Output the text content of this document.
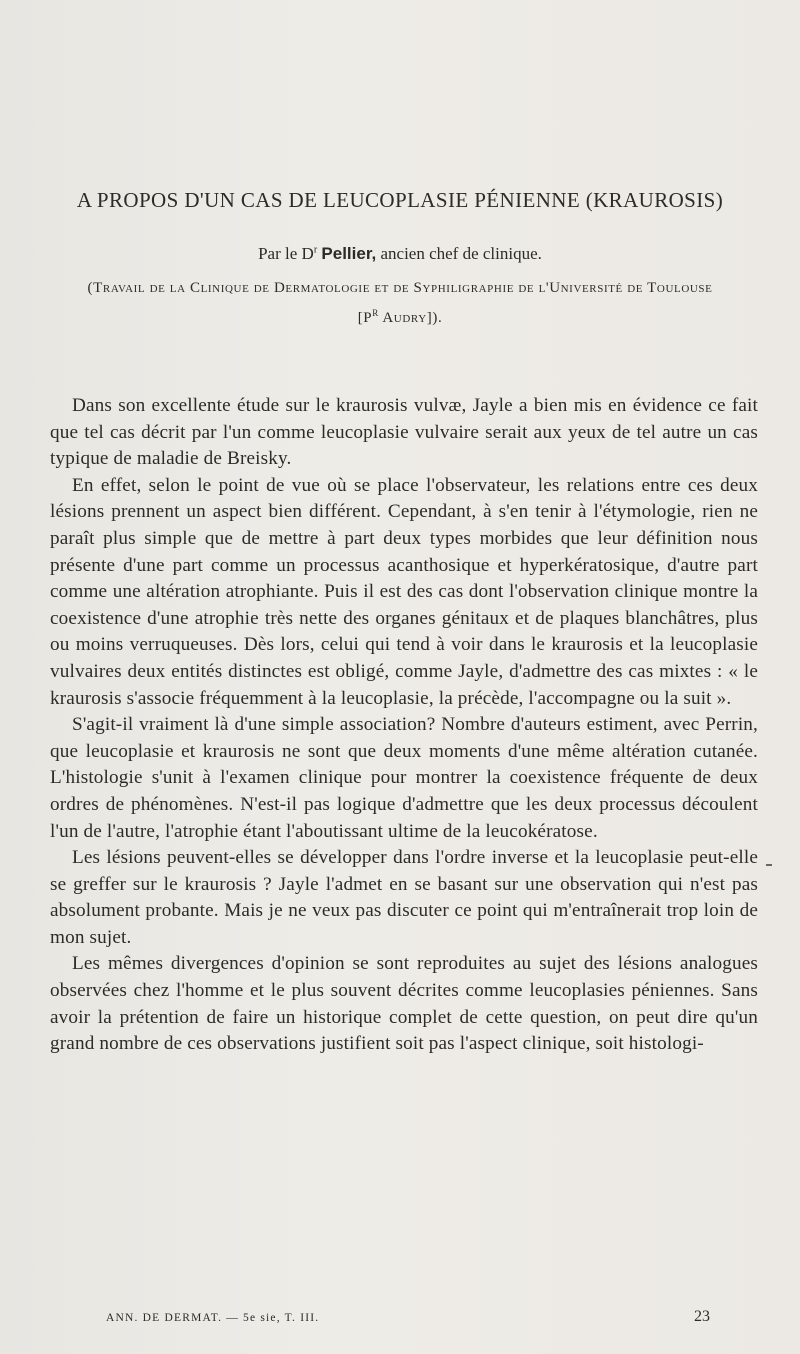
A PROPOS D'UN CAS DE LEUCOPLASIE PÉNIENNE (KRAUROSIS)
Par le $D^r$ Pellier, ancien chef de clinique.
(Travail de la Clinique de Dermatologie et de Syphiligraphie de l'Université de Toulouse
[$P^r$ Audry]).

Dans son excellente étude sur le kraurosis vulvæ, Jayle a bien mis en évidence ce fait que tel cas décrit par l'un comme leucoplasie vulvaire serait aux yeux de tel autre un cas typique de maladie de Breisky.

En effet, selon le point de vue où se place l'observateur, les relations entre ces deux lésions prennent un aspect bien différent. Cependant, à s'en tenir à l'étymologie, rien ne paraît plus simple que de mettre à part deux types morbides que leur définition nous présente d'une part comme un processus acanthosique et hyperkératosique, d'autre part comme une altération atrophiante. Puis il est des cas dont l'observation clinique montre la coexistence d'une atrophie très nette des organes génitaux et de plaques blanchâtres, plus ou moins verruqueuses. Dès lors, celui qui tend à voir dans le kraurosis et la leucoplasie vulvaires deux entités distinctes est obligé, comme Jayle, d'admettre des cas mixtes : « le kraurosis s'associe fréquemment à la leucoplasie, la précède, l'accompagne ou la suit ».

S'agit-il vraiment là d'une simple association? Nombre d'auteurs estiment, avec Perrin, que leucoplasie et kraurosis ne sont que deux moments d'une même altération cutanée. L'histologie s'unit à l'examen clinique pour montrer la coexistence fréquente de deux ordres de phénomènes. N'est-il pas logique d'admettre que les deux processus découlent l'un de l'autre, l'atrophie étant l'aboutissant ultime de la leucokératose.

Les lésions peuvent-elles se développer dans l'ordre inverse et la leucoplasie peut-elle se greffer sur le kraurosis ? Jayle l'admet en se basant sur une observation qui n'est pas absolument probante. Mais je ne veux pas discuter ce point qui m'entraînerait trop loin de mon sujet.

Les mêmes divergences d'opinion se sont reproduites au sujet des lésions analogues observées chez l'homme et le plus souvent décrites comme leucoplasies péniennes. Sans avoir la prétention de faire un historique complet de cette question, on peut dire qu'un grand nombre de ces observations justifient soit pas l'aspect clinique, soit histologi-

ANN. DE DERMAT. — 5e sie, T. III.	23
